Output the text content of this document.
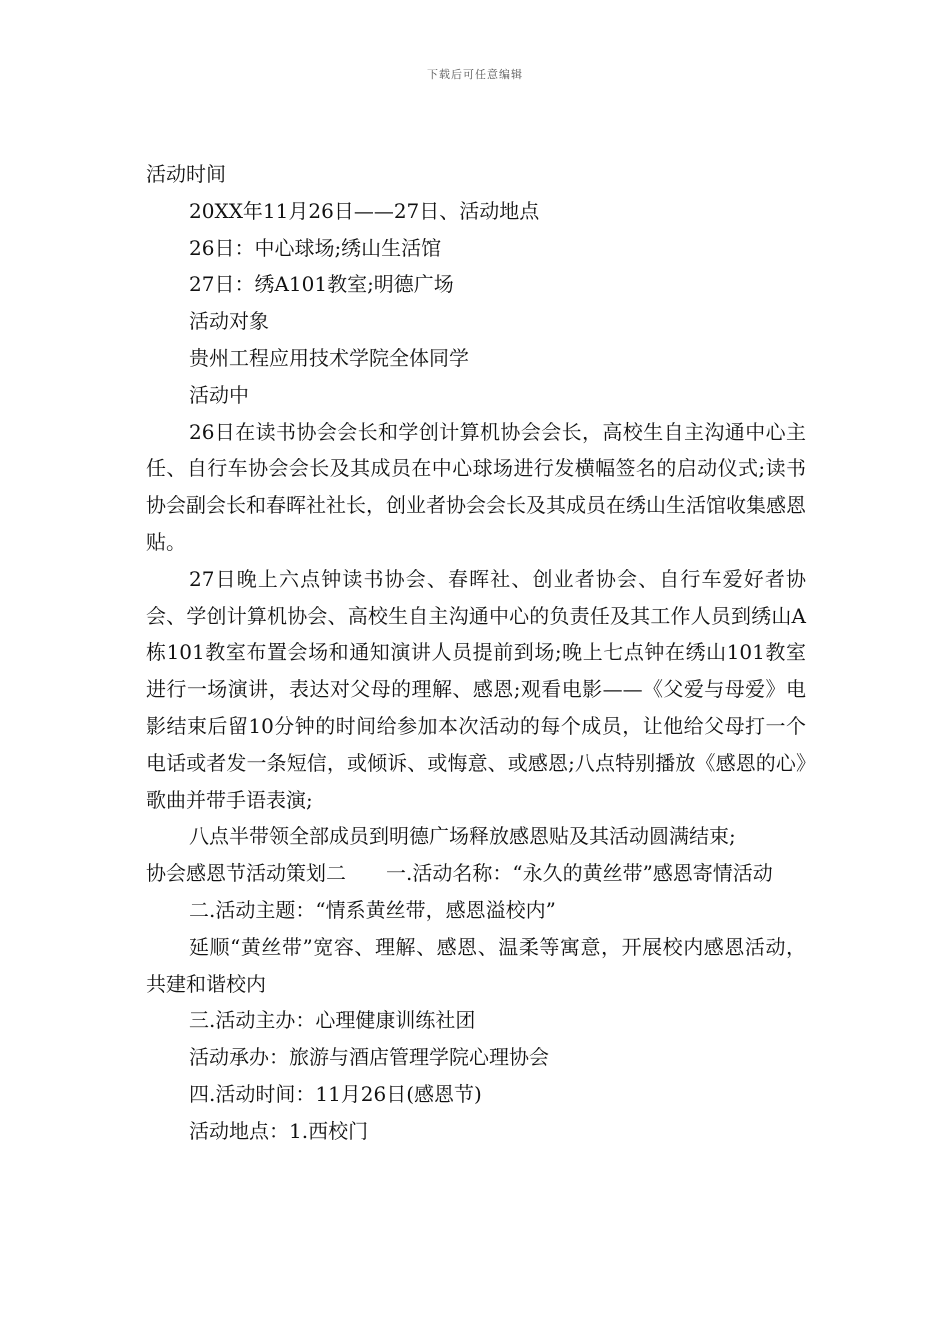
下载后可任意编辑

活动时间

20XX年11月26日——27日、活动地点

26日：中心球场;绣山生活馆

27日：绣A101教室;明德广场

活动对象

贵州工程应用技术学院全体同学

活动中

26日在读书协会会长和学创计算机协会会长，高校生自主沟通中心主任、自行车协会会长及其成员在中心球场进行发横幅签名的启动仪式;读书协会副会长和春晖社社长，创业者协会会长及其成员在绣山生活馆收集感恩贴。

27日晚上六点钟读书协会、春晖社、创业者协会、自行车爱好者协会、学创计算机协会、高校生自主沟通中心的负责任及其工作人员到绣山A栋101教室布置会场和通知演讲人员提前到场;晚上七点钟在绣山101教室进行一场演讲，表达对父母的理解、感恩;观看电影——《父爱与母爱》电影结束后留10分钟的时间给参加本次活动的每个成员，让他给父母打一个电话或者发一条短信，或倾诉、或悔意、或感恩;八点特别播放《感恩的心》歌曲并带手语表演;

八点半带领全部成员到明德广场释放感恩贴及其活动圆满结束;

协会感恩节活动策划二　　一.活动名称：“永久的黄丝带”感恩寄情活动

二.活动主题：“情系黄丝带，感恩溢校内”

延顺“黄丝带”宽容、理解、感恩、温柔等寓意，开展校内感恩活动，共建和谐校内

三.活动主办：心理健康训练社团

活动承办：旅游与酒店管理学院心理协会

四.活动时间：11月26日(感恩节)

活动地点：1.西校门
